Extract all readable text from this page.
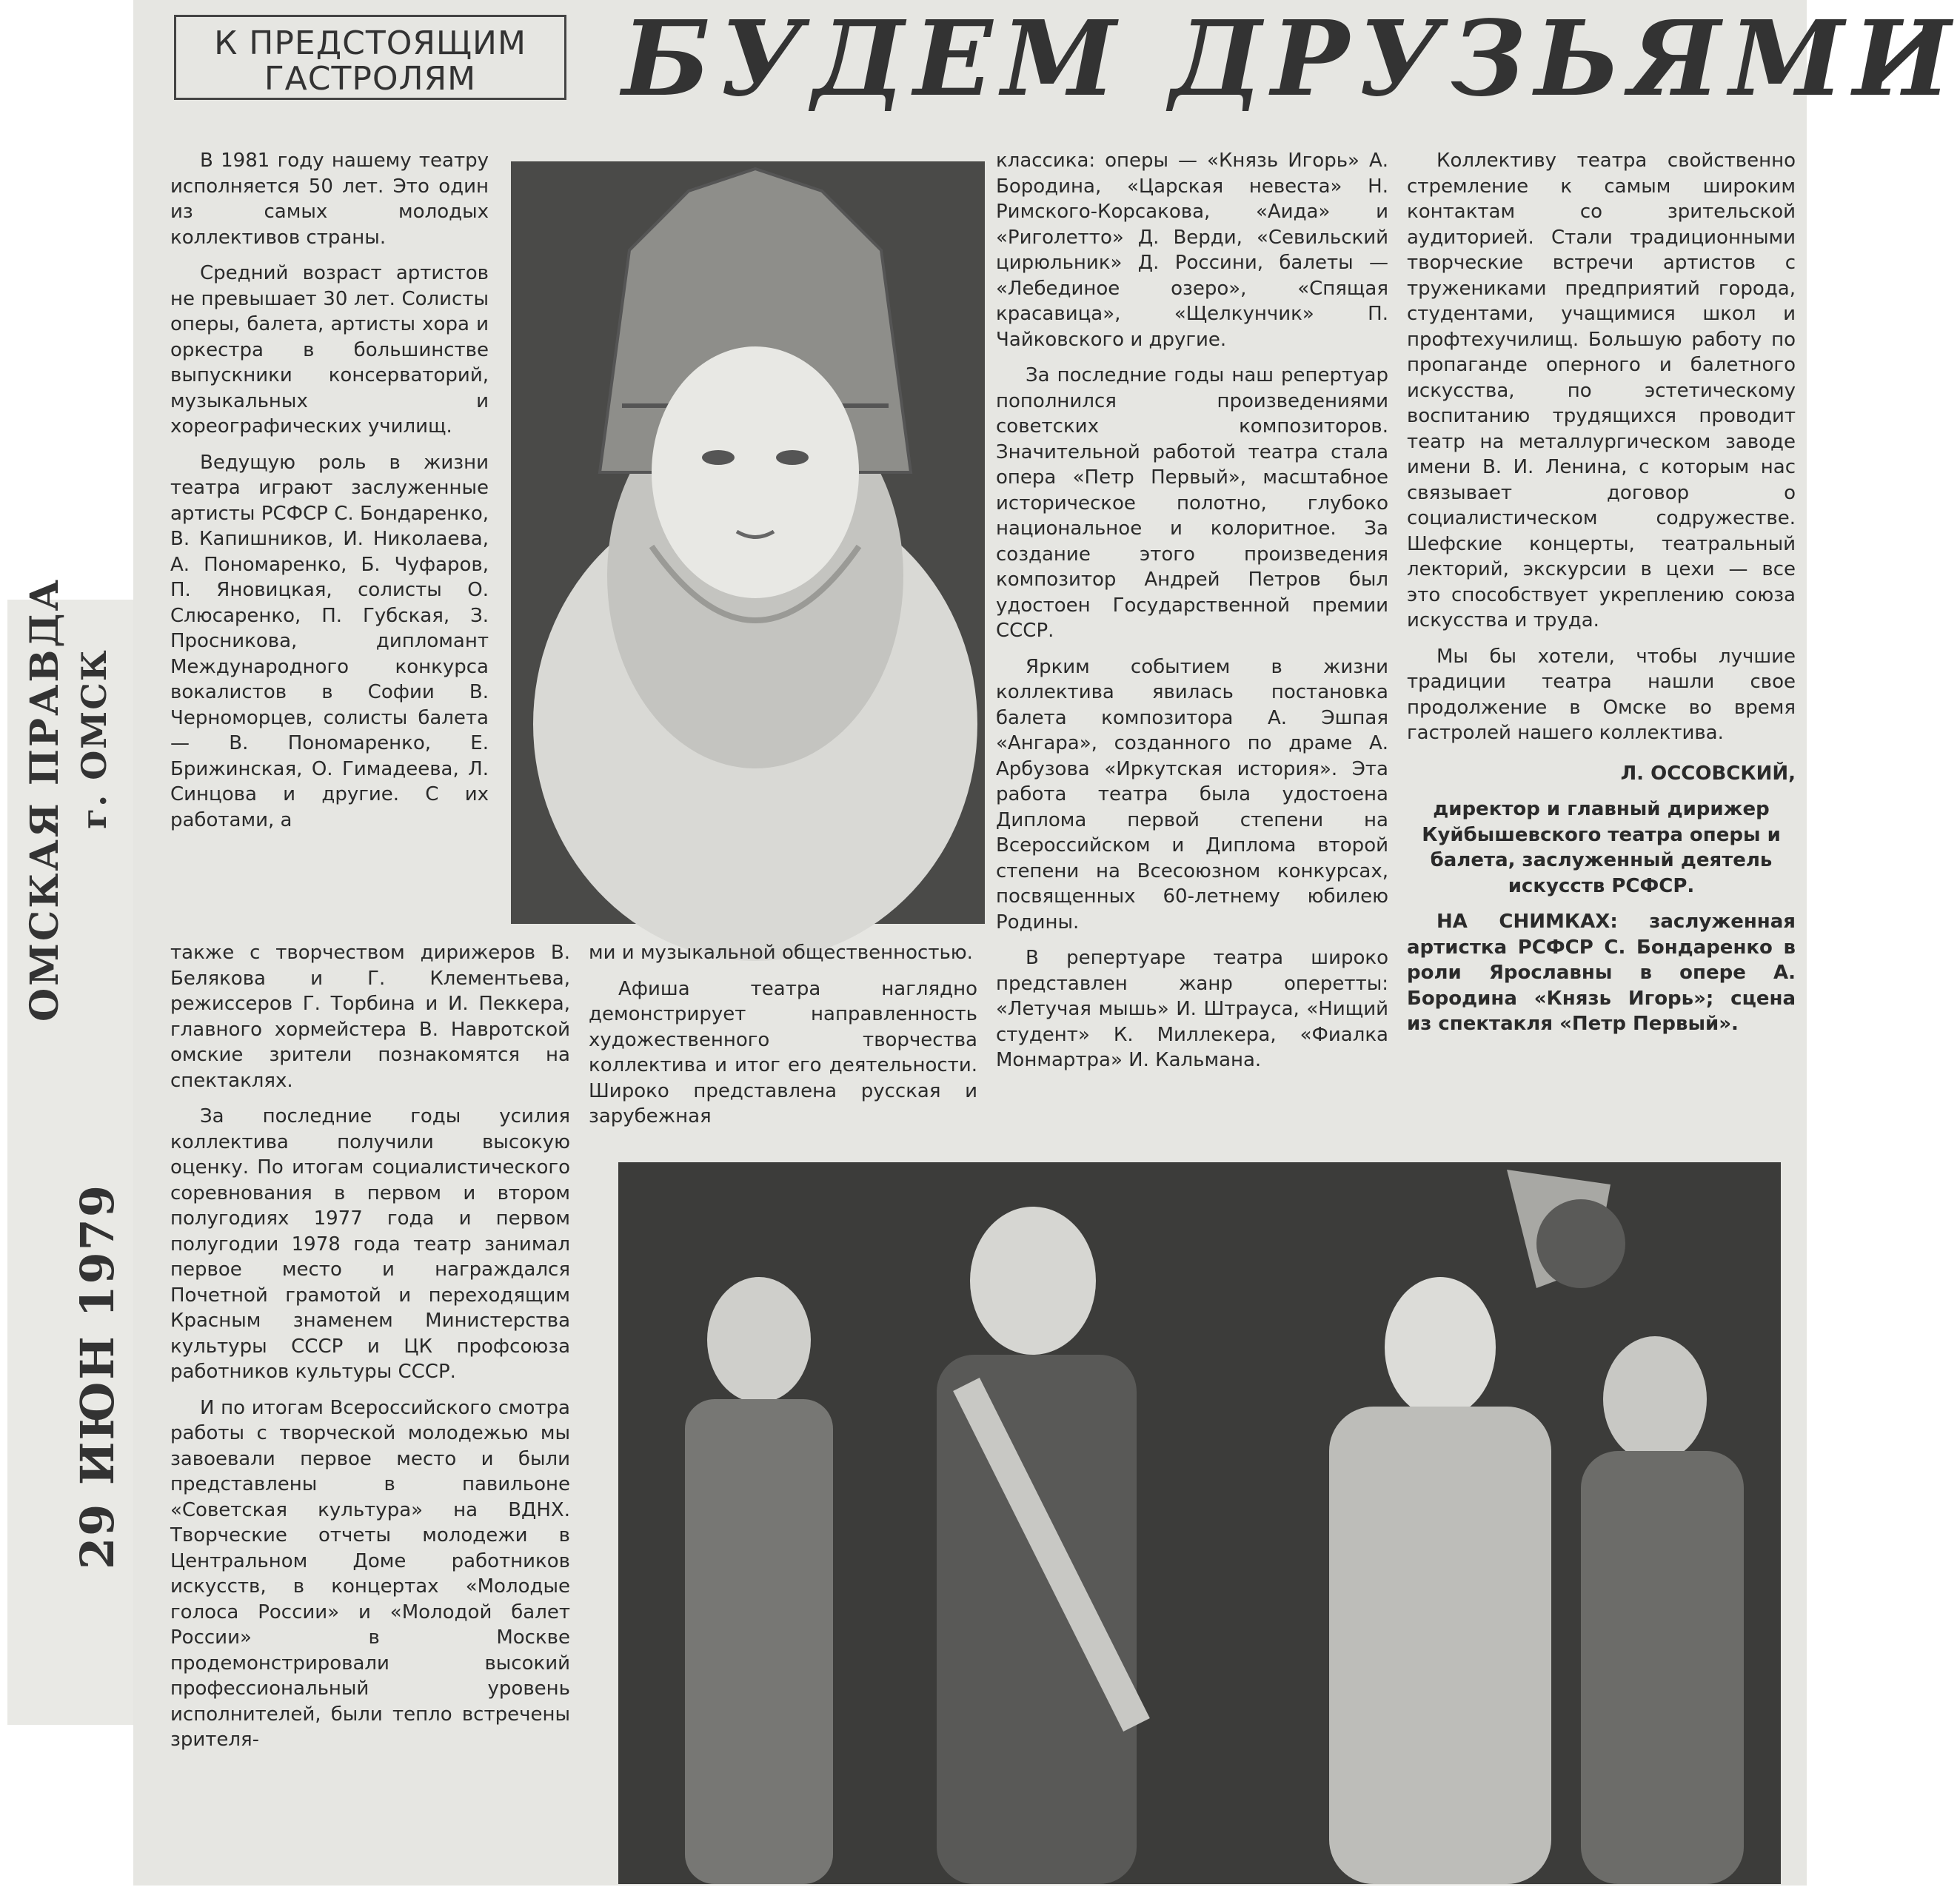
ОМСКАЯ ПРАВДА г. ОМСК
29 ИЮН 1979
К ПРЕДСТОЯЩИМ ГАСТРОЛЯМ	БУДЕМ ДРУЗЬЯМИ

В 1981 году нашему театру исполняется 50 лет. Это один из самых молодых коллективов страны.

Средний возраст артистов не превышает 30 лет. Солисты оперы, балета, артисты хора и оркестра в большинстве выпускники консерваторий, музыкальных и хореографических училищ.

Ведущую роль в жизни театра играют заслуженные артисты РСФСР С. Бондаренко, В. Капишников, И. Николаева, А. Пономаренко, Б. Чуфаров, П. Яновицкая, солисты О. Слюсаренко, П. Губская, З. Просникова, дипломант Международного конкурса вокалистов в Софии В. Черноморцев, солисты балета — В. Пономаренко, Е. Брижинская, О. Гимадеева, Л. Синцова и другие. С их работами, а

также с творчеством дирижеров В. Белякова и Г. Клементьева, режиссеров Г. Торбина и И. Пеккера, главного хормейстера В. Навротской омские зрители познакомятся на спектаклях.

За последние годы усилия коллектива получили высокую оценку. По итогам социалистического соревнования в первом и втором полугодиях 1977 года и первом полугодии 1978 года театр занимал первое место и награждался Почетной грамотой и переходящим Красным знаменем Министерства культуры СССР и ЦК профсоюза работников культуры СССР.

И по итогам Всероссийского смотра работы с творческой молодежью мы завоевали первое место и были представлены в павильоне «Советская культура» на ВДНХ. Творческие отчеты молодежи в Центральном Доме работников искусств, в концертах «Молодые голоса России» и «Молодой балет России» в Москве продемонстрировали высокий профессиональный уровень исполнителей, были тепло встречены зрителя-

ми и музыкальной общественностью.

Афиша театра наглядно демонстрирует направленность художественного творчества коллектива и итог его деятельности. Широко представлена русская и зарубежная

классика: оперы — «Князь Игорь» А. Бородина, «Царская невеста» Н. Римского-Корсакова, «Аида» и «Риголетто» Д. Верди, «Севильский цирюльник» Д. Россини, балеты — «Лебединое озеро», «Спящая красавица», «Щелкунчик» П. Чайковского и другие.

За последние годы наш репертуар пополнился произведениями советских композиторов. Значительной работой театра стала опера «Петр Первый», масштабное историческое полотно, глубоко национальное и колоритное. За создание этого произведения композитор Андрей Петров был удостоен Государственной премии СССР.

Ярким событием в жизни коллектива явилась постановка балета композитора А. Эшпая «Ангара», созданного по драме А. Арбузова «Иркутская история». Эта работа театра была удостоена Диплома первой степени на Всероссийском и Диплома второй степени на Всесоюзном конкурсах, посвященных 60-летнему юбилею Родины.

В репертуаре театра широко представлен жанр оперетты: «Летучая мышь» И. Штрауса, «Нищий студент» К. Миллекера, «Фиалка Монмартра» И. Кальмана.

Коллективу театра свойственно стремление к самым широким контактам со зрительской аудиторией. Стали традиционными творческие встречи артистов с тружениками предприятий города, студентами, учащимися школ и профтехучилищ. Большую работу по пропаганде оперного и балетного искусства, по эстетическому воспитанию трудящихся проводит театр на металлургическом заводе имени В. И. Ленина, с которым нас связывает договор о социалистическом содружестве. Шефские концерты, театральный лекторий, экскурсии в цехи — все это способствует укреплению союза искусства и труда.

Мы бы хотели, чтобы лучшие традиции театра нашли свое продолжение в Омске во время гастролей нашего коллектива.

Л. ОССОВСКИЙ,

директор и главный дирижер Куйбышевского театра оперы и балета, заслуженный деятель искусств РСФСР.

НА СНИМКАХ: заслуженная артистка РСФСР С. Бондаренко в роли Ярославны в опере А. Бородина «Князь Игорь»; сцена из спектакля «Петр Первый».
